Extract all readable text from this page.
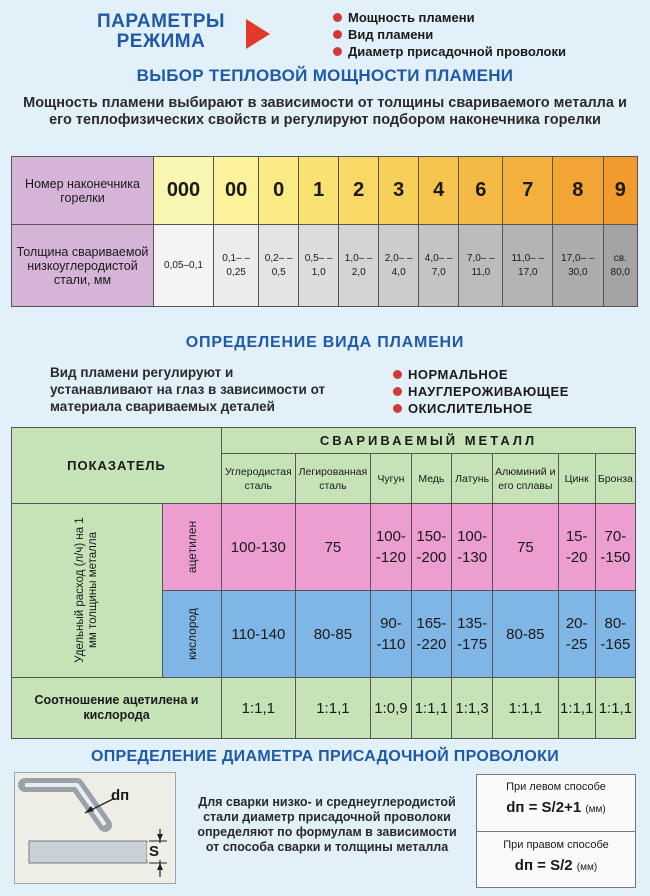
ПАРАМЕТРЫ
РЕЖИМА
Мощность пламени
Вид пламени
Диаметр присадочной проволоки
ВЫБОР ТЕПЛОВОЙ МОЩНОСТИ ПЛАМЕНИ
Мощность пламени выбирают в зависимости от толщины свариваемого металла и его теплофизических свойств и регулируют подбором наконечника горелки
Номер наконечника горелки	000	00	0	1	2	3	4	6	7	8	9
Толщина свариваемой низкоуглеродистой стали, мм	0,05–0,1	0,1– –0,25	0,2– –0,5	0,5– –1,0	1,0– –2,0	2,0– –4,0	4,0– –7,0	7,0– –11,0	11,0– –17,0	17,0– –30,0	св. 80,0
ОПРЕДЕЛЕНИЕ ВИДА ПЛАМЕНИ
Вид пламени регулируют и устанавливают на глаз в зависимости от материала свариваемых деталей
НОРМАЛЬНОЕ
НАУГЛЕРОЖИВАЮЩЕЕ
ОКИСЛИТЕЛЬНОЕ
ПОКАЗАТЕЛЬ		СВАРИВАЕМЫЙ МЕТАЛЛ							
		Углеродистая сталь	Легированная сталь	Чугун	Медь	Латунь	Алюминий и его сплавы	Цинк	Бронза
Удельный расход (л/ч) на 1 мм толщины металла	ацетилен	100-130	75	100- -120	150- -200	100- -130	75	15- -20	70- -150
	кислород	110-140	80-85	90- -110	165- -220	135- -175	80-85	20- -25	80- -165
Соотношение ацетилена и кислорода		1:1,1	1:1,1	1:0,9	1:1,1	1:1,3	1:1,1	1:1,1	1:1,1
ОПРЕДЕЛЕНИЕ ДИАМЕТРА ПРИСАДОЧНОЙ ПРОВОЛОКИ
dп
S
Для сварки низко- и среднеуглеродистой стали диаметр присадочной проволоки определяют по формулам в зависимости от способа сварки и толщины металла
При левом способе
dп = S/2+1 (мм)
При правом способе
dп = S/2 (мм)
